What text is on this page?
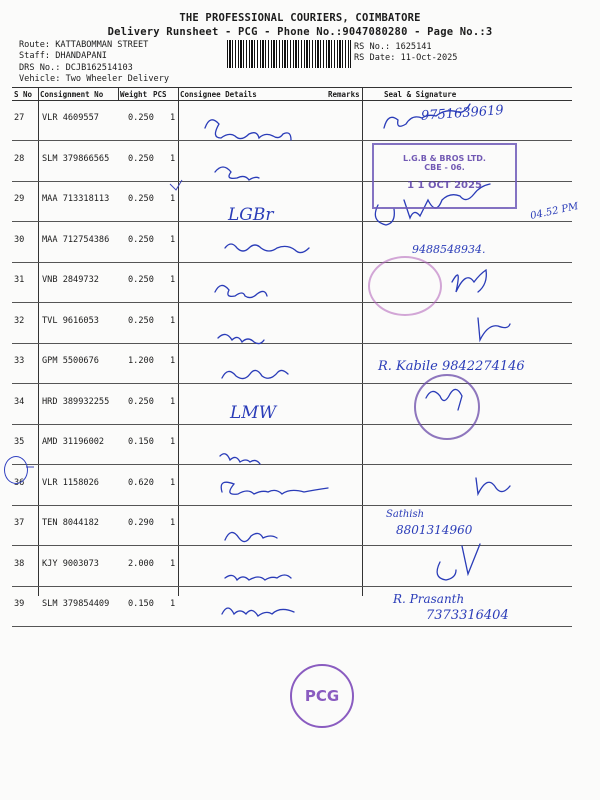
THE PROFESSIONAL COURIERS, COIMBATORE
Delivery Runsheet - PCG - Phone No.:9047080280 - Page No.:3
Route: KATTABOMMAN STREET
Staff: DHANDAPANI
DRS No.: DCJB162514103
Vehicle: Two Wheeler Delivery
RS No.: 1625141
RS Date: 11-Oct-2025
S No Consignment No Weight PCS Consignee Details	Remarks	Seal & Signature
27 VLR 4609557	0.250 1
28 SLM 379866565 0.250 1
29 MAA 713318113 0.250 1
30 MAA 712754386 0.250 1
31 VNB 2849732	0.250 1
32 TVL 9616053	0.250 1
33 GPM 5500676	1.200 1
34 HRD 389932255 0.250 1
35 AMD 31196002	0.150 1
36 VLR 1158026	0.620 1
37 TEN 8044182	0.290 1
38 KJY 9003073	2.000 1
39 SLM 379854409 0.150 1
9751639619
04.52 PM
9488548934.
R. Kabile 9842274146
Sathish
8801314960
R. Prasanth
7373316404
LGBr
LMW
L.G.B & BROS LTD.
CBE - 06.
1 1 OCT 2025
PCG
